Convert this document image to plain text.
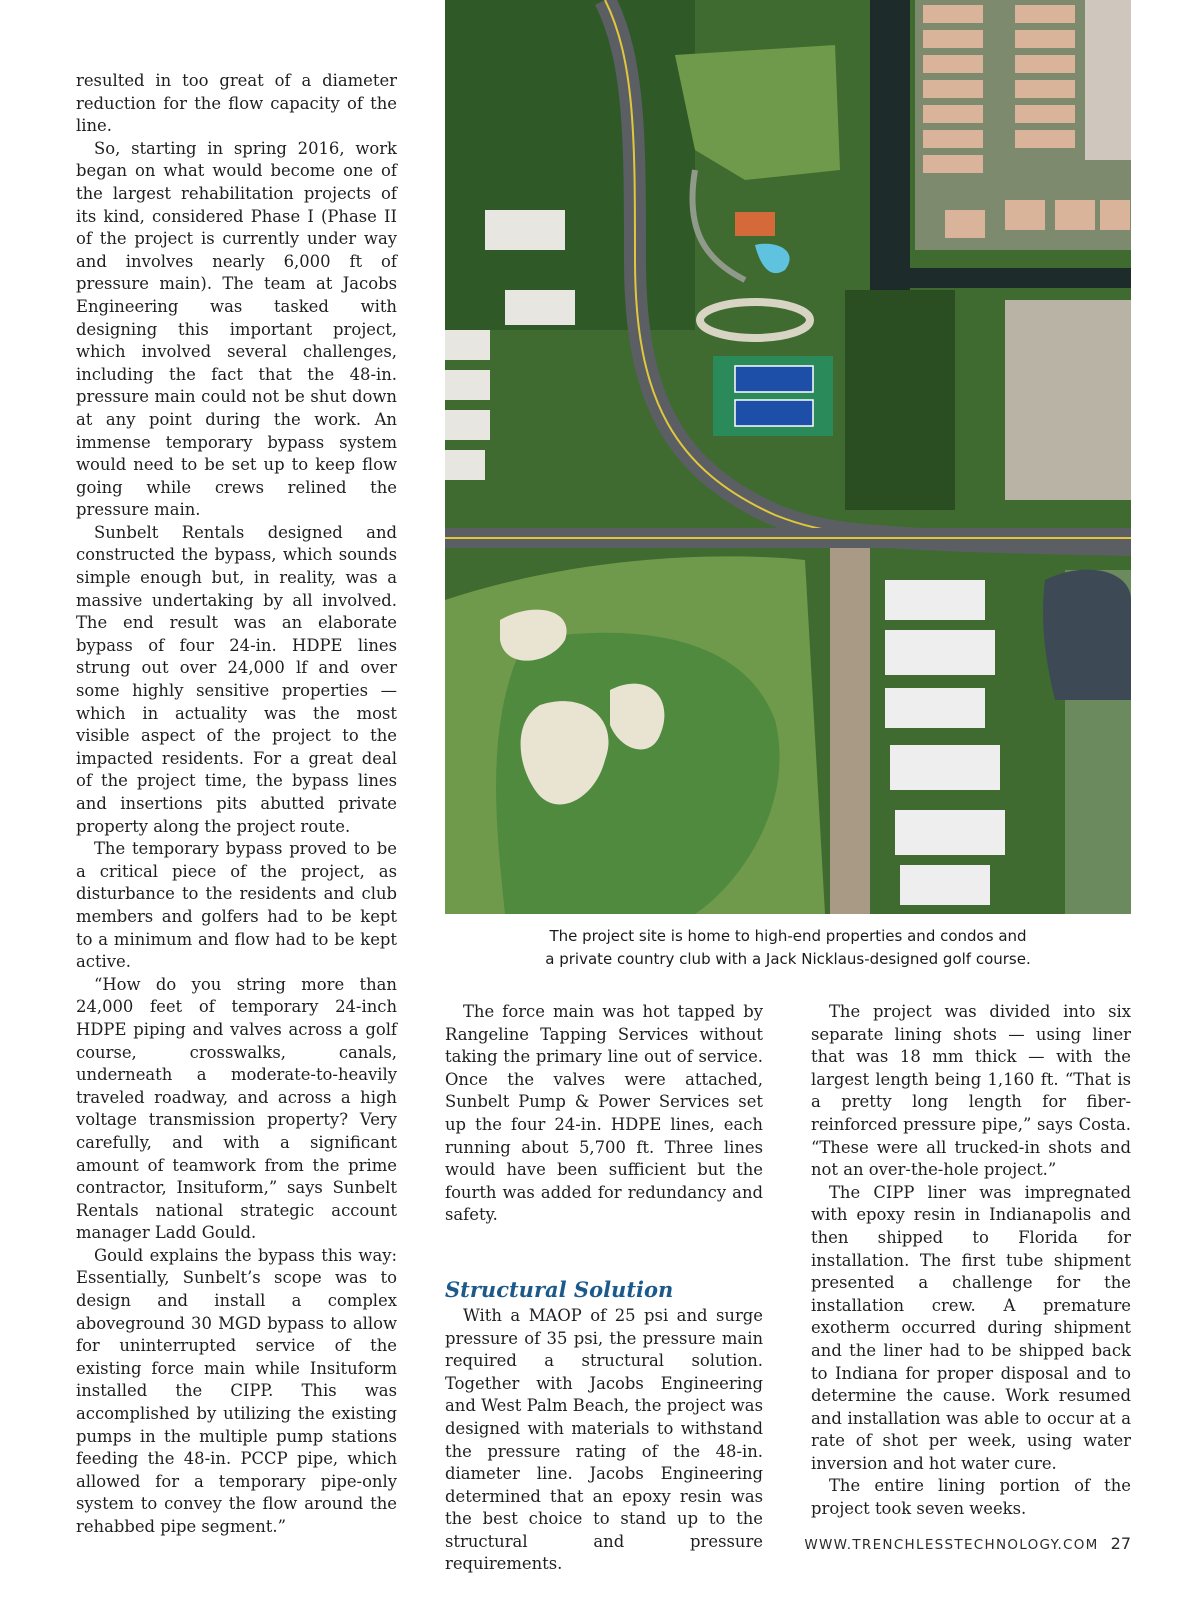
resulted in too great of a diameter reduction for the flow capacity of the line.

So, starting in spring 2016, work began on what would become one of the largest rehabilitation projects of its kind, considered Phase I (Phase II of the project is currently under way and involves nearly 6,000 ft of pressure main). The team at Jacobs Engineering was tasked with designing this important project, which involved several challenges, including the fact that the 48-in. pressure main could not be shut down at any point during the work. An immense temporary bypass system would need to be set up to keep flow going while crews relined the pressure main.

Sunbelt Rentals designed and constructed the bypass, which sounds simple enough but, in reality, was a massive undertaking by all involved. The end result was an elaborate bypass of four 24-in. HDPE lines strung out over 24,000 lf and over some highly sensitive properties — which in actuality was the most visible aspect of the project to the impacted residents. For a great deal of the project time, the bypass lines and insertions pits abutted private property along the project route.

The temporary bypass proved to be a critical piece of the project, as disturbance to the residents and club members and golfers had to be kept to a minimum and flow had to be kept active.

“How do you string more than 24,000 feet of temporary 24-inch HDPE piping and valves across a golf course, crosswalks, canals, underneath a moderate-to-heavily traveled roadway, and across a high voltage transmission property? Very carefully, and with a significant amount of teamwork from the prime contractor, Insituform,” says Sunbelt Rentals national strategic account manager Ladd Gould.

Gould explains the bypass this way: Essentially, Sunbelt’s scope was to design and install a complex aboveground 30 MGD bypass to allow for uninterrupted service of the existing force main while Insituform installed the CIPP. This was accomplished by utilizing the existing pumps in the multiple pump stations feeding the 48-in. PCCP pipe, which allowed for a temporary pipe-only system to convey the flow around the rehabbed pipe segment.”

The project site is home to high-end properties and condos and
a private country club with a Jack Nicklaus-designed golf course.

The force main was hot tapped by Rangeline Tapping Services without taking the primary line out of service. Once the valves were attached, Sunbelt Pump & Power Services set up the four 24-in. HDPE lines, each running about 5,700 ft. Three lines would have been sufficient but the fourth was added for redundancy and safety.

Structural Solution

With a MAOP of 25 psi and surge pressure of 35 psi, the pressure main required a structural solution. Together with Jacobs Engineering and West Palm Beach, the project was designed with materials to withstand the pressure rating of the 48-in. diameter line. Jacobs Engineering determined that an epoxy resin was the best choice to stand up to the structural and pressure requirements.

The project was divided into six separate lining shots — using liner that was 18 mm thick — with the largest length being 1,160 ft. “That is a pretty long length for fiber-reinforced pressure pipe,” says Costa. “These were all trucked-in shots and not an over-the-hole project.”

The CIPP liner was impregnated with epoxy resin in Indianapolis and then shipped to Florida for installation. The first tube shipment presented a challenge for the installation crew. A premature exotherm occurred during shipment and the liner had to be shipped back to Indiana for proper disposal and to determine the cause. Work resumed and installation was able to occur at a rate of shot per week, using water inversion and hot water cure.

The entire lining portion of the project took seven weeks.

WWW.TRENCHLESSTECHNOLOGY.COM 27
